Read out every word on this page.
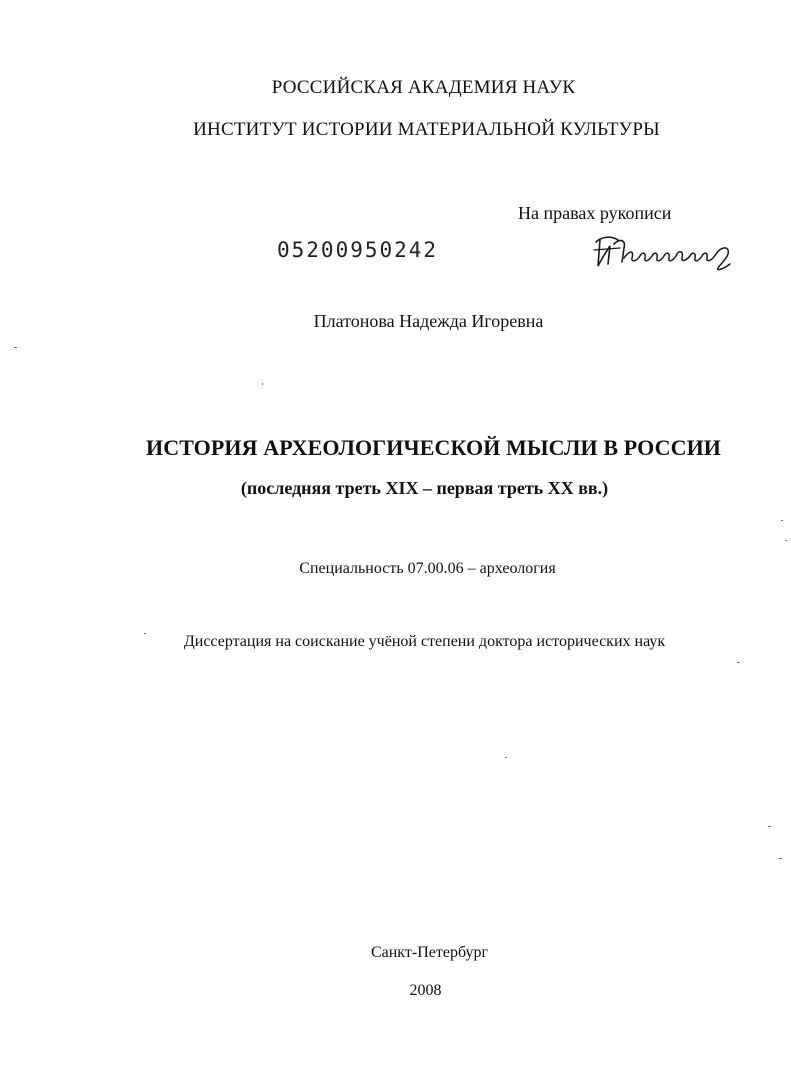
РОССИЙСКАЯ АКАДЕМИЯ НАУК
ИНСТИТУТ ИСТОРИИ МАТЕРИАЛЬНОЙ КУЛЬТУРЫ
На правах рукописи
05200950242
Платонова Надежда Игоревна
ИСТОРИЯ АРХЕОЛОГИЧЕСКОЙ МЫСЛИ В РОССИИ
(последняя треть XIX – первая треть XX вв.)
Специальность 07.00.06 – археология
Диссертация на соискание учёной степени доктора исторических наук
Санкт-Петербург
2008
